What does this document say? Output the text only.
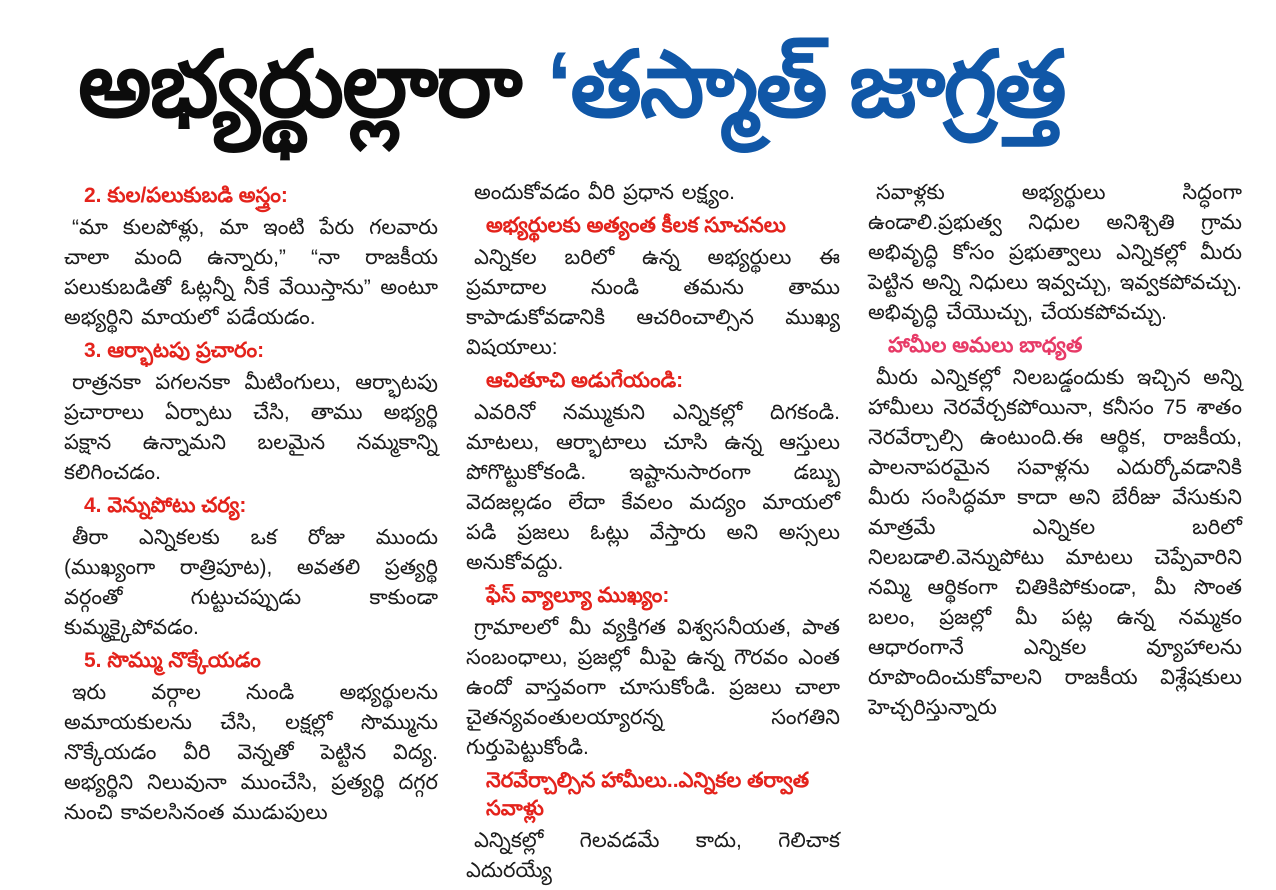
అభ్యర్థుల్లారా ‘తస్మాత్ జాగ్రత్త
2. కుల/పలుకుబడి అస్త్రం:

“మా కులపోళ్లు, మా ఇంటి పేరు గలవారు చాలా మంది ఉన్నారు,” “నా రాజకీయ పలుకుబడితో ఓట్లన్నీ నీకే వేయిస్తాను” అంటూ అభ్యర్థిని మాయలో పడేయడం.

3. ఆర్భాటపు ప్రచారం:

రాత్రనకా పగలనకా మీటింగులు, ఆర్భాటపు ప్రచారాలు ఏర్పాటు చేసి, తాము అభ్యర్థి పక్షాన ఉన్నామని బలమైన నమ్మకాన్ని కలిగించడం.

4. వెన్నుపోటు చర్య:

తీరా ఎన్నికలకు ఒక రోజు ముందు (ముఖ్యంగా రాత్రిపూట), అవతలి ప్రత్యర్థి వర్గంతో గుట్టుచప్పుడు కాకుండా కుమ్మక్కైపోవడం.

5. సొమ్ము నొక్కేయడం

ఇరు వర్గాల నుండి అభ్యర్థులను అమాయకులను చేసి, లక్షల్లో సొమ్మును నొక్కేయడం వీరి వెన్నతో పెట్టిన విద్య. అభ్యర్థిని నిలువునా ముంచేసి, ప్రత్యర్థి దగ్గర నుంచి కావలసినంత ముడుపులు

అందుకోవడం వీరి ప్రధాన లక్ష్యం.

అభ్యర్థులకు అత్యంత కీలక సూచనలు

ఎన్నికల బరిలో ఉన్న అభ్యర్థులు ఈ ప్రమాదాల నుండి తమను తాము కాపాడుకోవడానికి ఆచరించాల్సిన ముఖ్య విషయాలు:

ఆచితూచి అడుగేయండి:

ఎవరినో నమ్ముకుని ఎన్నికల్లో దిగకండి. మాటలు, ఆర్భాటాలు చూసి ఉన్న ఆస్తులు పోగొట్టుకోకండి. ఇష్టానుసారంగా డబ్బు వెదజల్లడం లేదా కేవలం మద్యం మాయలో పడి ప్రజలు ఓట్లు వేస్తారు అని అస్సలు అనుకోవద్దు.

ఫేస్ వ్యాల్యూ ముఖ్యం:

గ్రామాలలో మీ వ్యక్తిగత విశ్వసనీయత, పాత సంబంధాలు, ప్రజల్లో మీపై ఉన్న గౌరవం ఎంత ఉందో వాస్తవంగా చూసుకోండి. ప్రజలు చాలా చైతన్యవంతులయ్యారన్న సంగతిని గుర్తుపెట్టుకోండి.

నెరవేర్చాల్సిన హామీలు..ఎన్నికల తర్వాత సవాళ్లు

ఎన్నికల్లో గెలవడమే కాదు, గెలిచాక ఎదురయ్యే

సవాళ్లకు అభ్యర్థులు సిద్ధంగా ఉండాలి.ప్రభుత్వ నిధుల అనిశ్చితి గ్రామ అభివృద్ధి కోసం ప్రభుత్వాలు ఎన్నికల్లో మీరు పెట్టిన అన్ని నిధులు ఇవ్వచ్చు, ఇవ్వకపోవచ్చు. అభివృద్ధి చేయొచ్చు, చేయకపోవచ్చు.

హామీల అమలు బాధ్యత

మీరు ఎన్నికల్లో నిలబడ్డందుకు ఇచ్చిన అన్ని హామీలు నెరవేర్చకపోయినా, కనీసం 75 శాతం నెరవేర్చాల్సి ఉంటుంది.ఈ ఆర్థిక, రాజకీయ, పాలనాపరమైన సవాళ్లను ఎదుర్కోవడానికి మీరు సంసిద్ధమా కాదా అని బేరీజు వేసుకుని మాత్రమే ఎన్నికల బరిలో నిలబడాలి.వెన్నుపోటు మాటలు చెప్పేవారిని నమ్మి ఆర్థికంగా చితికిపోకుండా, మీ సొంత బలం, ప్రజల్లో మీ పట్ల ఉన్న నమ్మకం ఆధారంగానే ఎన్నికల వ్యూహాలను రూపొందించుకోవాలని రాజకీయ విశ్లేషకులు హెచ్చరిస్తున్నారు
